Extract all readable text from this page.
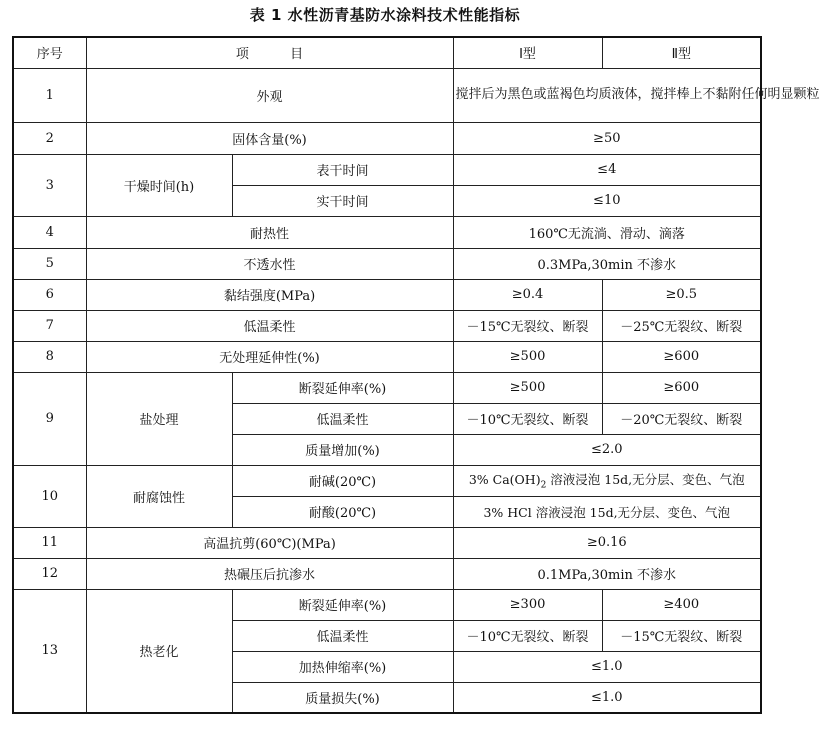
表 1 水性沥青基防水涂料技术性能指标
序号	项          目		Ⅰ型	Ⅱ型
1	外观		搅拌后为黑色或蓝褐色均质液体，搅拌棒上不黏附任何明显颗粒	
2	固体含量(%)		≥50	
3	干燥时间(h)	表干时间	≤4	
		实干时间	≤10	
4	耐热性		160℃无流淌、滑动、滴落	
5	不透水性		0.3MPa,30min 不渗水	
6	黏结强度(MPa)		≥0.4	≥0.5
7	低温柔性		－15℃无裂纹、断裂	－25℃无裂纹、断裂
8	无处理延伸性(%)		≥500	≥600
9	盐处理	断裂延伸率(%)	≥500	≥600
		低温柔性	－10℃无裂纹、断裂	－20℃无裂纹、断裂
		质量增加(%)	≤2.0	
10	耐腐蚀性	耐碱(20℃)	3% $Ca(OH)_2$ 溶液浸泡 15d,无分层、变色、气泡	
		耐酸(20℃)	3% HCl 溶液浸泡 15d,无分层、变色、气泡	
11	高温抗剪(60℃)(MPa)		≥0.16	
12	热碾压后抗渗水		0.1MPa,30min 不渗水	
13	热老化	断裂延伸率(%)	≥300	≥400
		低温柔性	－10℃无裂纹、断裂	－15℃无裂纹、断裂
		加热伸缩率(%)	≤1.0	
		质量损失(%)	≤1.0	
